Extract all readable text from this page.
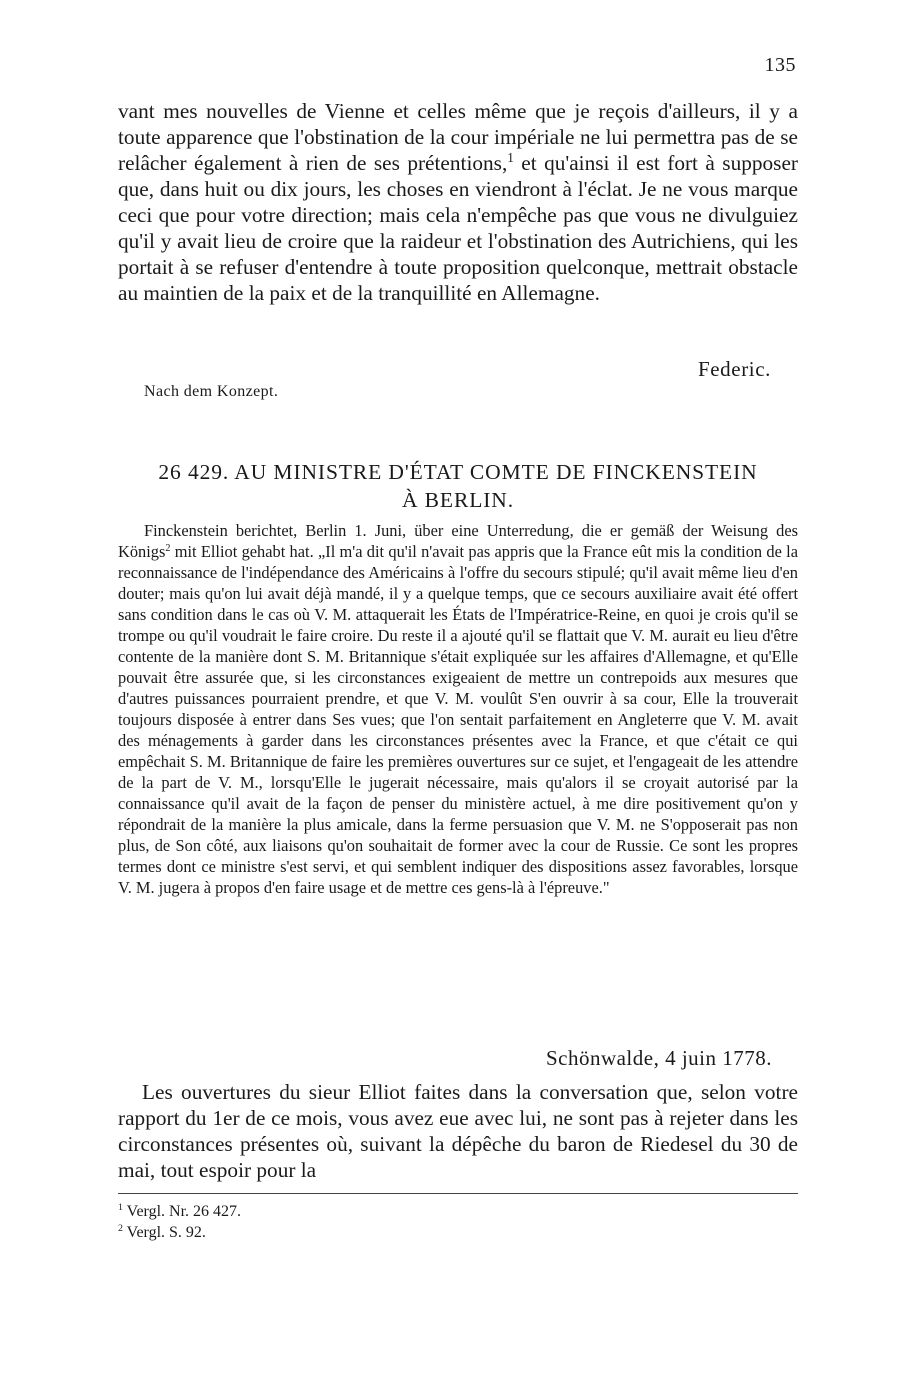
135

vant mes nouvelles de Vienne et celles même que je reçois d'ailleurs, il y a toute apparence que l'obstination de la cour impériale ne lui permettra pas de se relâcher également à rien de ses prétentions,$^1$ et qu'ainsi il est fort à supposer que, dans huit ou dix jours, les choses en viendront à l'éclat. Je ne vous marque ceci que pour votre direction; mais cela n'empêche pas que vous ne divulguiez qu'il y avait lieu de croire que la raideur et l'obstination des Autrichiens, qui les portait à se refuser d'entendre à toute proposition quelconque, mettrait obstacle au maintien de la paix et de la tranquillité en Allemagne.

Federic.
Nach dem Konzept.
26 429. AU MINISTRE D'ÉTAT COMTE DE FINCKENSTEIN
À BERLIN.

Finckenstein berichtet, Berlin 1. Juni, über eine Unterredung, die er gemäß der Weisung des Königs$^2$ mit Elliot gehabt hat. „Il m'a dit qu'il n'avait pas appris que la France eût mis la condition de la reconnaissance de l'indépendance des Américains à l'offre du secours stipulé; qu'il avait même lieu d'en douter; mais qu'on lui avait déjà mandé, il y a quelque temps, que ce secours auxiliaire avait été offert sans condition dans le cas où V. M. attaquerait les États de l'Impératrice-Reine, en quoi je crois qu'il se trompe ou qu'il voudrait le faire croire. Du reste il a ajouté qu'il se flattait que V. M. aurait eu lieu d'être contente de la manière dont S. M. Britannique s'était expliquée sur les affaires d'Allemagne, et qu'Elle pouvait être assurée que, si les circonstances exigeaient de mettre un contrepoids aux mesures que d'autres puissances pourraient prendre, et que V. M. voulût S'en ouvrir à sa cour, Elle la trouverait toujours disposée à entrer dans Ses vues; que l'on sentait parfaitement en Angleterre que V. M. avait des ménagements à garder dans les circonstances présentes avec la France, et que c'était ce qui empêchait S. M. Britannique de faire les premières ouvertures sur ce sujet, et l'engageait de les attendre de la part de V. M., lorsqu'Elle le jugerait nécessaire, mais qu'alors il se croyait autorisé par la connaissance qu'il avait de la façon de penser du ministère actuel, à me dire positivement qu'on y répondrait de la manière la plus amicale, dans la ferme persuasion que V. M. ne S'opposerait pas non plus, de Son côté, aux liaisons qu'on souhaitait de former avec la cour de Russie. Ce sont les propres termes dont ce ministre s'est servi, et qui semblent indiquer des dispositions assez favorables, lorsque V. M. jugera à propos d'en faire usage et de mettre ces gens-là à l'épreuve."

Schönwalde, 4 juin 1778.

Les ouvertures du sieur Elliot faites dans la conversation que, selon votre rapport du 1er de ce mois, vous avez eue avec lui, ne sont pas à rejeter dans les circonstances présentes où, suivant la dépêche du baron de Riedesel du 30 de mai, tout espoir pour la

$^1$ Vergl. Nr. 26 427.
$^2$ Vergl. S. 92.
